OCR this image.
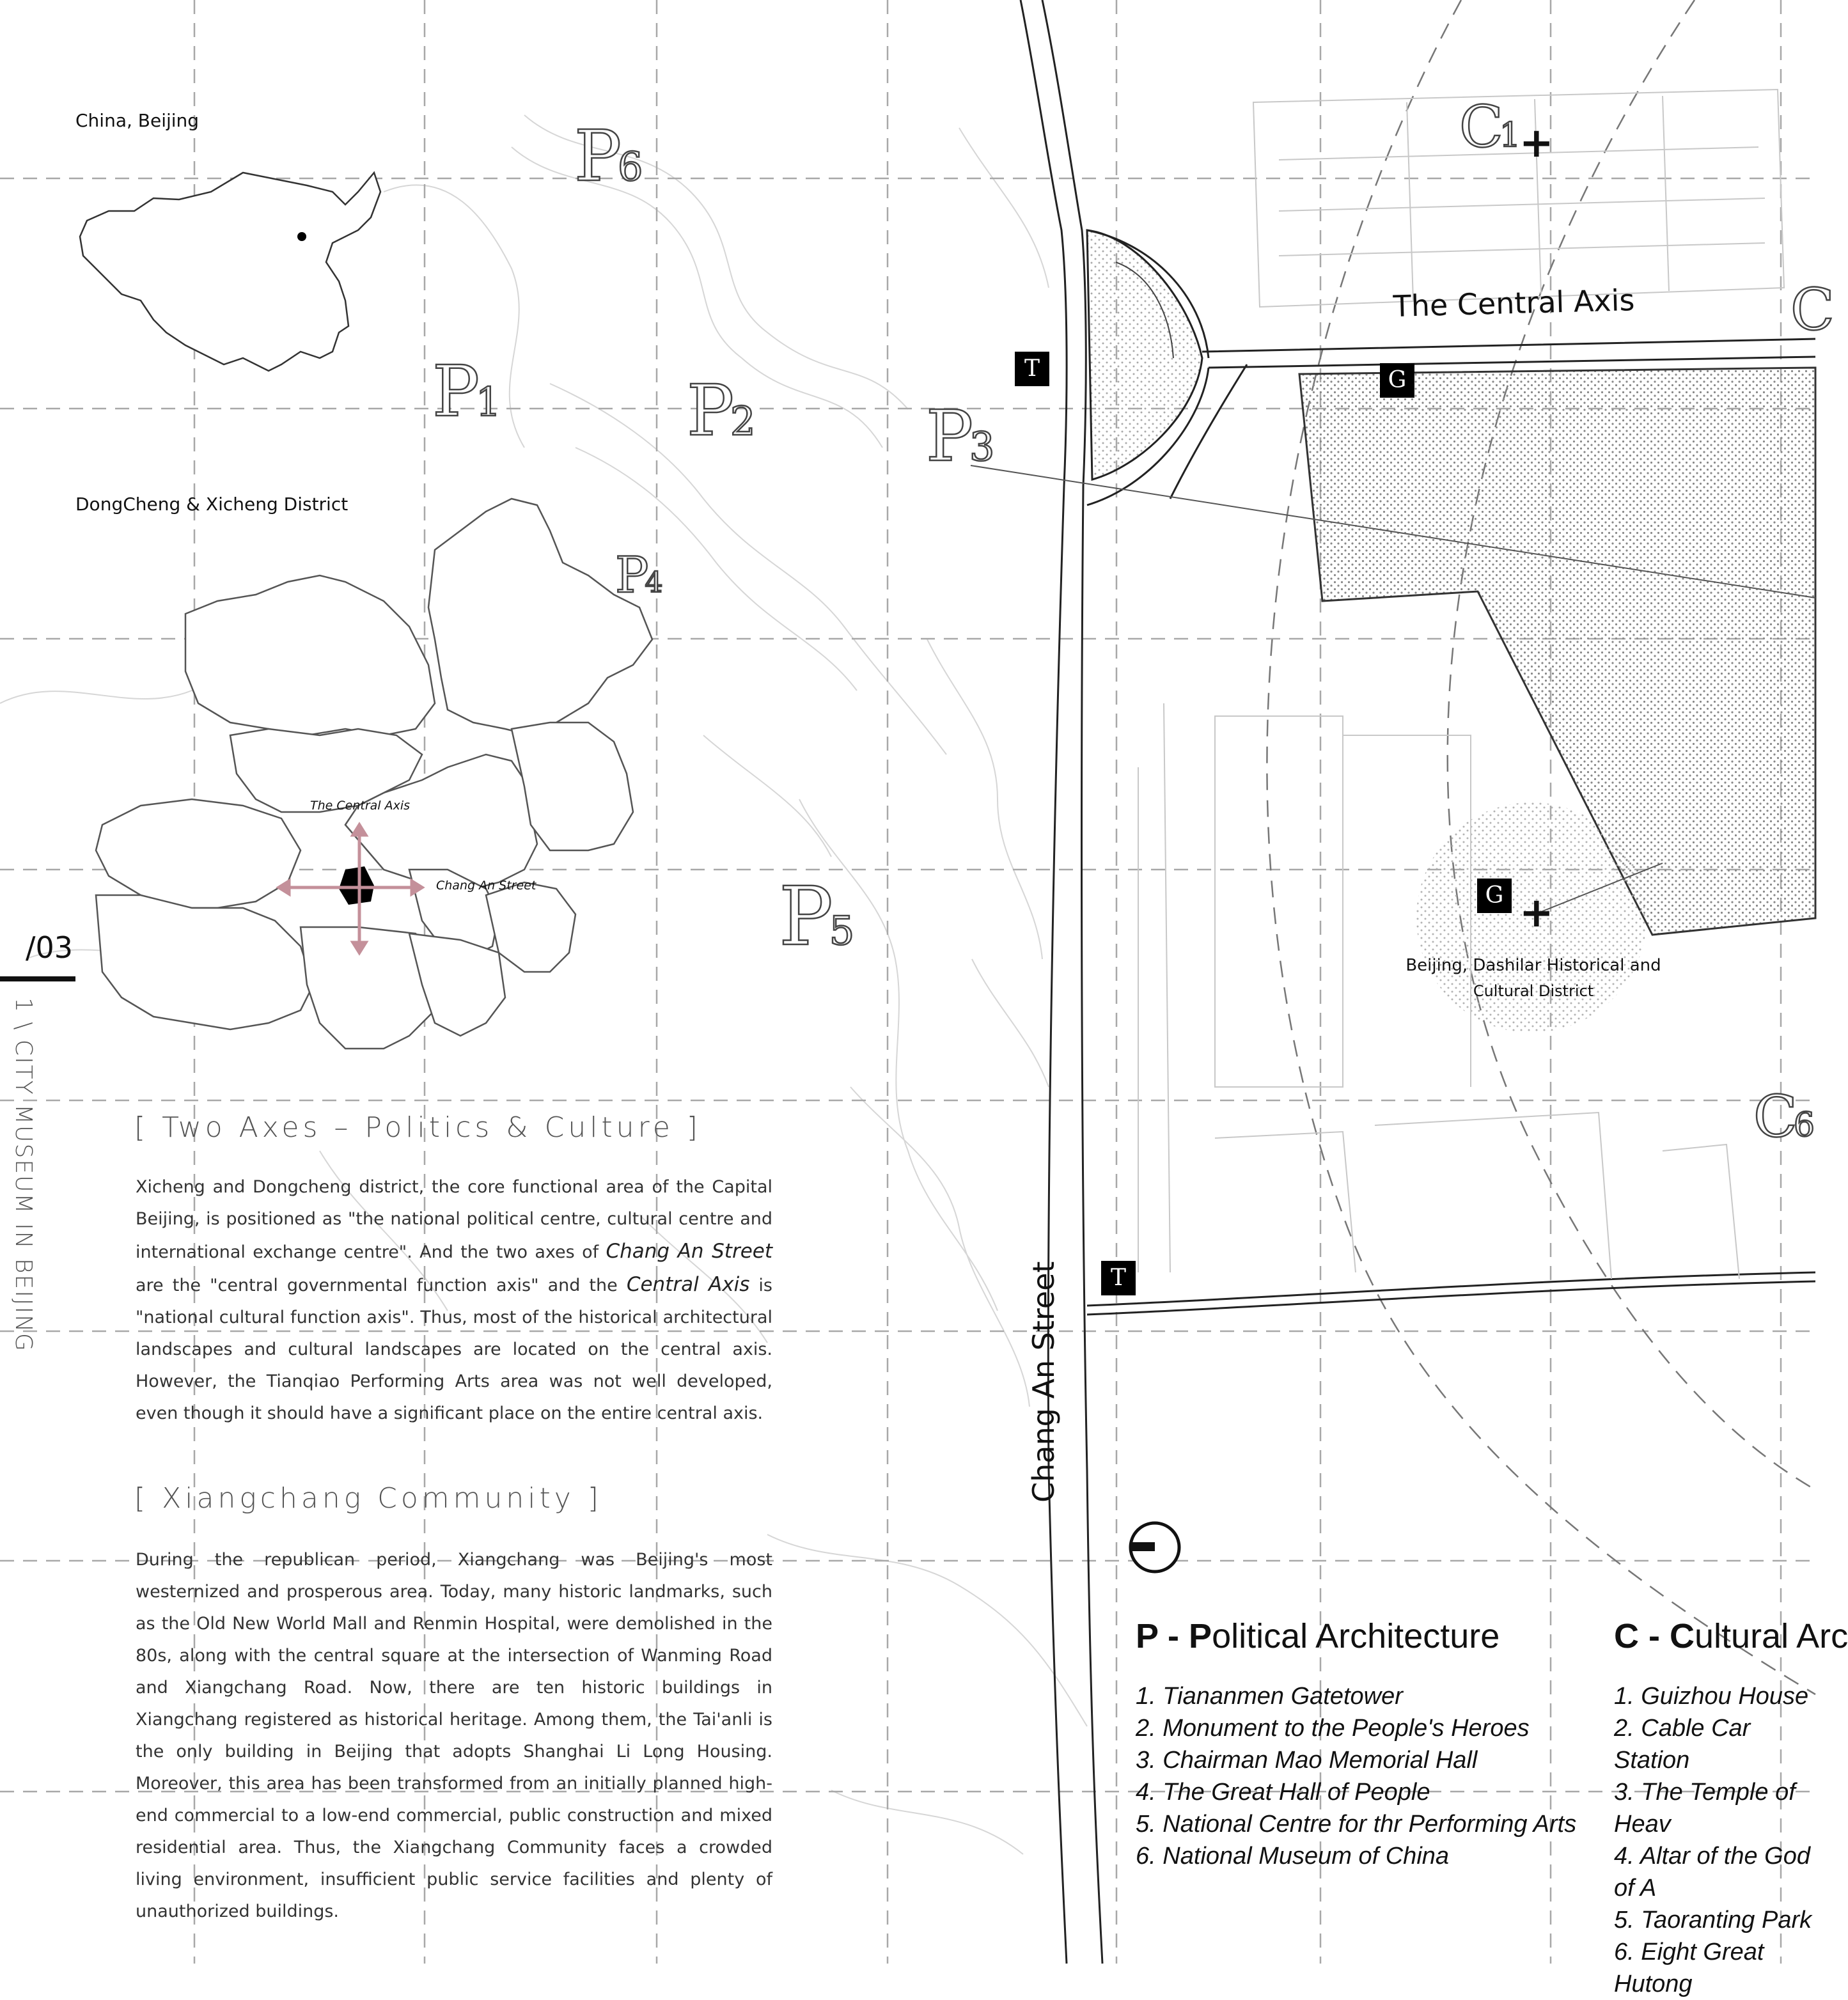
/03
1 \ CITY MUSEUM IN BEIJING
China, Beijing
DongCheng & Xicheng District
The Central Axis
Chang An Street
P6
P1	P2 P3
P4
P5
C1
C
C6
+
+
T
T
G
G
The Central Axis
Chang An Street
Beijing, Dashilar Historical and
Cultural District
[ Two Axes – Politics & Culture ]
Xicheng and Dongcheng district, the core functional area of the Capital Beijing, is positioned as "the national political centre, cultural centre and international exchange centre". And the two axes of Chang An Street are the "central governmental function axis" and the Central Axis is "national cultural function axis". Thus, most of the historical architectural landscapes and cultural landscapes are located on the central axis. However, the Tianqiao Performing Arts area was not well developed, even though it should have a significant place on the entire central axis.
[ Xiangchang Community ]
During the republican period, Xiangchang was Beijing's most westernized and prosperous area. Today, many historic landmarks, such as the Old New World Mall and Renmin Hospital, were demolished in the 80s, along with the central square at the intersection of Wanming Road and Xiangchang Road. Now, there are ten historic buildings in Xiangchang registered as historical heritage. Among them, the Tai'anli is the only building in Beijing that adopts Shanghai Li Long Housing. Moreover, this area has been transformed from an initially planned high-end commercial to a low-end commercial, public construction and mixed residential area. Thus, the Xiangchang Community faces a crowded living environment, insufficient public service facilities and plenty of unauthorized buildings.
P - Political Architecture
1. Tiananmen Gatetower
2. Monument to the People's Heroes
3. Chairman Mao Memorial Hall
4. The Great Hall of People
5. National Centre for thr Performing Arts
6. National Museum of China
C - Cultural Arc
1. Guizhou House
2. Cable Car Station
3. The Temple of Heav
4. Altar of the God of A
5. Taoranting Park
6. Eight Great Hutong
